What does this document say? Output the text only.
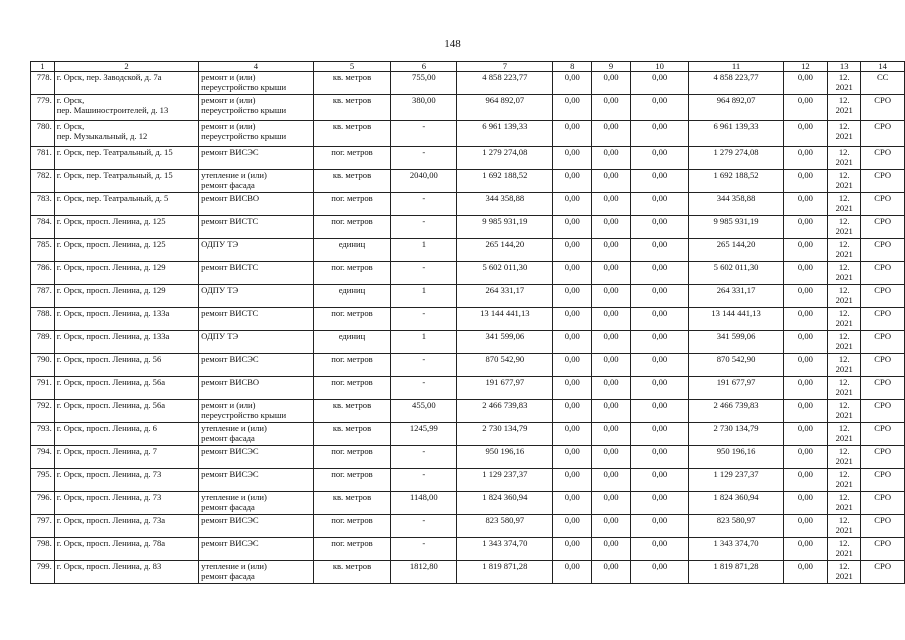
148
1	2	4	5	6	7	8	9	10	11	12	13	14
778.	г. Орск, пер. Заводской, д. 7а	ремонт и (или)
переустройство крыши	кв. метров	755,00	4 858 223,77	0,00	0,00	0,00	4 858 223,77	0,00	12.
2021	СС
779.	г. Орск,
пер. Машиностроителей, д. 13	ремонт и (или)
переустройство крыши	кв. метров	380,00	964 892,07	0,00	0,00	0,00	964 892,07	0,00	12.
2021	СРО
780.	г. Орск,
пер. Музыкальный, д. 12	ремонт и (или)
переустройство крыши	кв. метров	-	6 961 139,33	0,00	0,00	0,00	6 961 139,33	0,00	12.
2021	СРО
781.	г. Орск, пер. Театральный, д. 15	ремонт ВИСЭС	пог. метров	-	1 279 274,08	0,00	0,00	0,00	1 279 274,08	0,00	12.
2021	СРО
782.	г. Орск, пер. Театральный, д. 15	утепление и (или)
ремонт фасада	кв. метров	2040,00	1 692 188,52	0,00	0,00	0,00	1 692 188,52	0,00	12.
2021	СРО
783.	г. Орск, пер. Театральный, д. 5	ремонт ВИСВО	пог. метров	-	344 358,88	0,00	0,00	0,00	344 358,88	0,00	12.
2021	СРО
784.	г. Орск, просп. Ленина, д. 125	ремонт ВИСТС	пог. метров	-	9 985 931,19	0,00	0,00	0,00	9 985 931,19	0,00	12.
2021	СРО
785.	г. Орск, просп. Ленина, д. 125	ОДПУ ТЭ	единиц	1	265 144,20	0,00	0,00	0,00	265 144,20	0,00	12.
2021	СРО
786.	г. Орск, просп. Ленина, д. 129	ремонт ВИСТС	пог. метров	-	5 602 011,30	0,00	0,00	0,00	5 602 011,30	0,00	12.
2021	СРО
787.	г. Орск, просп. Ленина, д. 129	ОДПУ ТЭ	единиц	1	264 331,17	0,00	0,00	0,00	264 331,17	0,00	12.
2021	СРО
788.	г. Орск, просп. Ленина, д. 133а	ремонт ВИСТС	пог. метров	-	13 144 441,13	0,00	0,00	0,00	13 144 441,13	0,00	12.
2021	СРО
789.	г. Орск, просп. Ленина, д. 133а	ОДПУ ТЭ	единиц	1	341 599,06	0,00	0,00	0,00	341 599,06	0,00	12.
2021	СРО
790.	г. Орск, просп. Ленина, д. 56	ремонт ВИСЭС	пог. метров	-	870 542,90	0,00	0,00	0,00	870 542,90	0,00	12.
2021	СРО
791.	г. Орск, просп. Ленина, д. 56а	ремонт ВИСВО	пог. метров	-	191 677,97	0,00	0,00	0,00	191 677,97	0,00	12.
2021	СРО
792.	г. Орск, просп. Ленина, д. 56а	ремонт и (или)
переустройство крыши	кв. метров	455,00	2 466 739,83	0,00	0,00	0,00	2 466 739,83	0,00	12.
2021	СРО
793.	г. Орск, просп. Ленина, д. 6	утепление и (или)
ремонт фасада	кв. метров	1245,99	2 730 134,79	0,00	0,00	0,00	2 730 134,79	0,00	12.
2021	СРО
794.	г. Орск, просп. Ленина, д. 7	ремонт ВИСЭС	пог. метров	-	950 196,16	0,00	0,00	0,00	950 196,16	0,00	12.
2021	СРО
795.	г. Орск, просп. Ленина, д. 73	ремонт ВИСЭС	пог. метров	-	1 129 237,37	0,00	0,00	0,00	1 129 237,37	0,00	12.
2021	СРО
796.	г. Орск, просп. Ленина, д. 73	утепление и (или)
ремонт фасада	кв. метров	1148,00	1 824 360,94	0,00	0,00	0,00	1 824 360,94	0,00	12.
2021	СРО
797.	г. Орск, просп. Ленина, д. 73а	ремонт ВИСЭС	пог. метров	-	823 580,97	0,00	0,00	0,00	823 580,97	0,00	12.
2021	СРО
798.	г. Орск, просп. Ленина, д. 78а	ремонт ВИСЭС	пог. метров	-	1 343 374,70	0,00	0,00	0,00	1 343 374,70	0,00	12.
2021	СРО
799.	г. Орск, просп. Ленина, д. 83	утепление и (или)
ремонт фасада	кв. метров	1812,80	1 819 871,28	0,00	0,00	0,00	1 819 871,28	0,00	12.
2021	СРО
